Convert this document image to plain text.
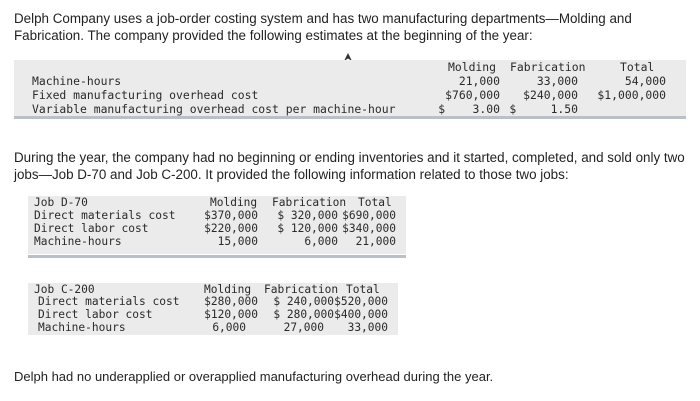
Delph Company uses a job-order costing system and has two manufacturing departments—Molding and Fabrication. The company provided the following estimates at the beginning of the year:
Molding Fabrication	Total
Machine-hours	21,000	33,000	54,000
Fixed manufacturing overhead cost	$760,000 $240,000 $1,000,000
Variable manufacturing overhead cost per machine-hour	$    3.00 $     1.50
During the year, the company had no beginning or ending inventories and it started, completed, and sold only two jobs—Job D-70 and Job C-200. It provided the following information related to those two jobs:
Job D-70	Molding Fabrication Total
Direct materials cost	$370,000 $ 320,000 $690,000
Direct labor cost	$220,000 $ 120,000 $340,000
Machine-hours	15,000	6,000 21,000
Job C-200	Molding Fabrication Total
Direct materials cost $280,000 $ 240,000 $520,000
Direct labor cost	$120,000 $ 280,000 $400,000
Machine-hours	6,000	27,000 33,000
Delph had no underapplied or overapplied manufacturing overhead during the year.
